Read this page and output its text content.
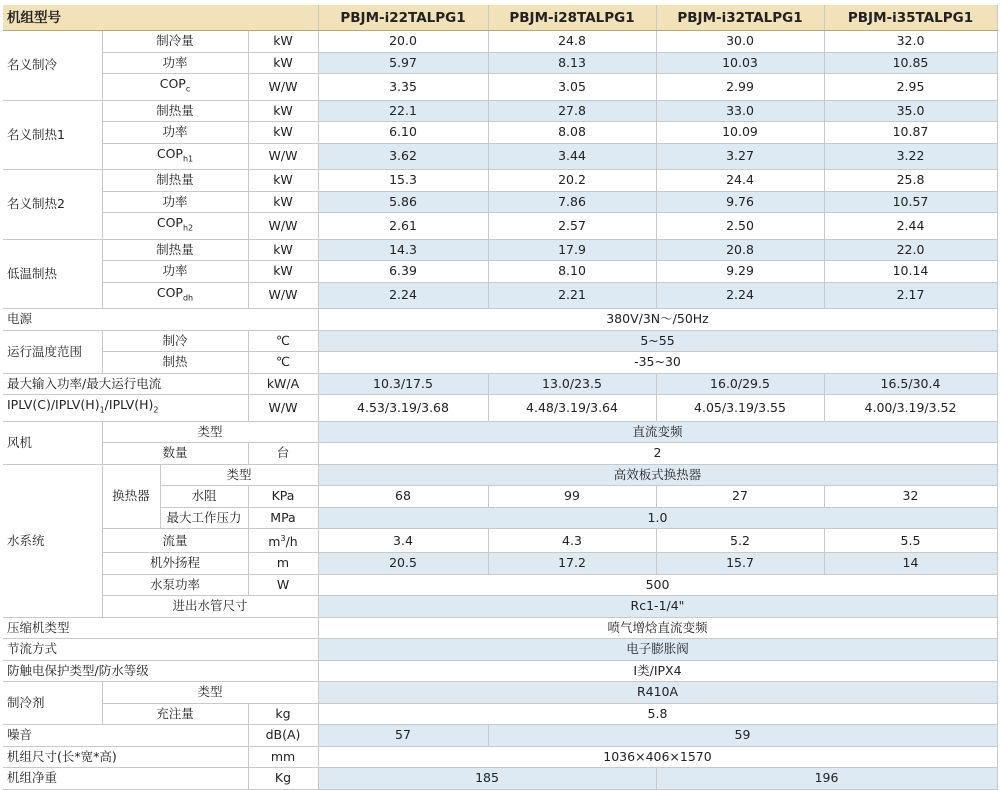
机组型号				PBJM-i22TALPG1	PBJM-i28TALPG1	PBJM-i32TALPG1	PBJM-i35TALPG1
名义制冷	制冷量		kW	20.0	24.8	30.0	32.0
	功率		kW	5.97	8.13	10.03	10.85
	$COP_c$		W/W	3.35	3.05	2.99	2.95
名义制热1	制热量		kW	22.1	27.8	33.0	35.0
	功率		kW	6.10	8.08	10.09	10.87
	$COP_{h1}$		W/W	3.62	3.44	3.27	3.22
名义制热2	制热量		kW	15.3	20.2	24.4	25.8
	功率		kW	5.86	7.86	9.76	10.57
	$COP_{h2}$		W/W	2.61	2.57	2.50	2.44
低温制热	制热量		kW	14.3	17.9	20.8	22.0
	功率		kW	6.39	8.10	9.29	10.14
	$COP_{dh}$		W/W	2.24	2.21	2.24	2.17
电源				380V/3N～/50Hz			
运行温度范围	制冷		℃	5~55			
	制热		℃	-35~30			
最大输入功率/最大运行电流			kW/A	10.3/17.5	13.0/23.5	16.0/29.5	16.5/30.4
$IPLV(C)/IPLV(H)_1/IPLV(H)_2$			W/W	4.53/3.19/3.68	4.48/3.19/3.64	4.05/3.19/3.55	4.00/3.19/3.52
风机	类型			直流变频			
	数量		台	2			
水系统	换热器	类型		高效板式换热器			
		水阻	KPa	68	99	27	32
		最大工作压力	MPa	1.0			
	流量		$m^3/h$	3.4	4.3	5.2	5.5
	机外扬程		m	20.5	17.2	15.7	14
	水泵功率		W	500			
	进出水管尺寸			Rc1-1/4"			
压缩机类型				喷气增焓直流变频			
节流方式				电子膨胀阀			
防触电保护类型/防水等级				I类/IPX4			
制冷剂	类型			R410A			
	充注量		kg	5.8			
噪音			dB(A)	57	59		
机组尺寸(长*宽*高)			mm	1036×406×1570			
机组净重			Kg	185		196	
